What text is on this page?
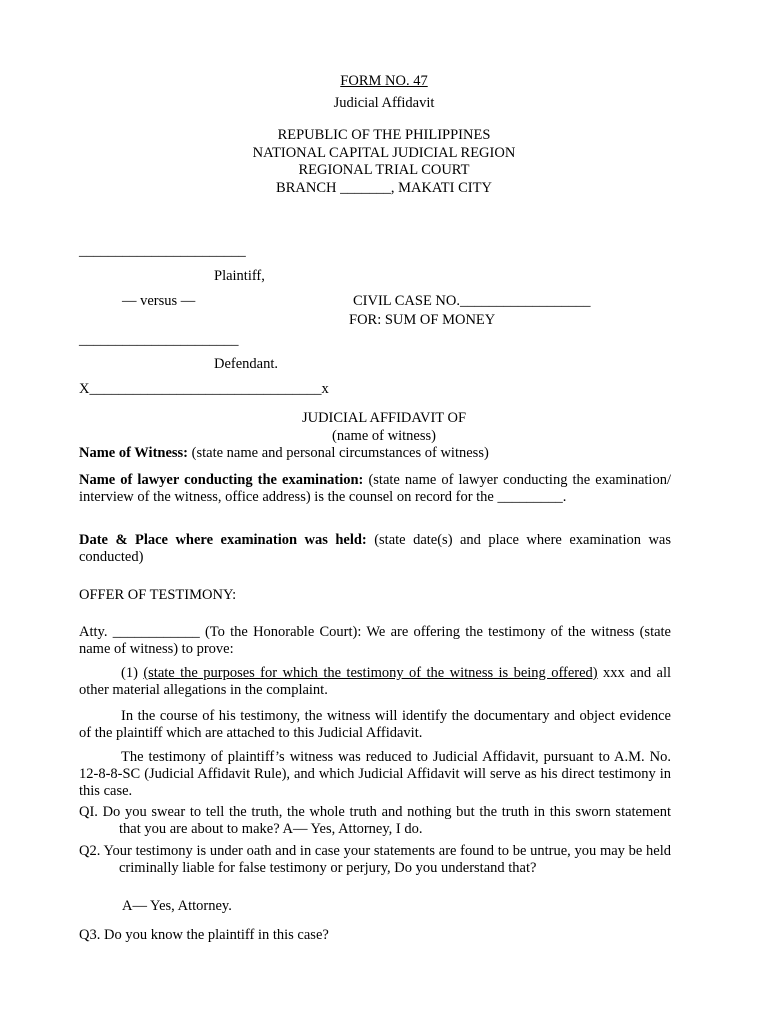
FORM NO. 47
Judicial Affidavit
REPUBLIC OF THE PHILIPPINES
NATIONAL CAPITAL JUDICIAL REGION
REGIONAL TRIAL COURT
BRANCH _______, MAKATI CITY
_______________________
Plaintiff,
— versus —	CIVIL CASE NO.__________________
FOR: SUM OF MONEY
______________________
Defendant.
X________________________________x
JUDICIAL AFFIDAVIT OF
(name of witness)
Name of Witness: (state name and personal circumstances of witness)
Name of lawyer conducting the examination: (state name of lawyer conducting the examination/ interview of the witness, office address) is the counsel on record for the _________.
Date & Place where examination was held: (state date(s) and place where examination was conducted)
OFFER OF TESTIMONY:
Atty. ____________ (To the Honorable Court): We are offering the testimony of the witness (state name of witness) to prove:
(1) (state the purposes for which the testimony of the witness is being offered) xxx and all other material allegations in the complaint.
In the course of his testimony, the witness will identify the documentary and object evidence of the plaintiff which are attached to this Judicial Affidavit.
The testimony of plaintiff’s witness was reduced to Judicial Affidavit, pursuant to A.M. No. 12-8-8-SC (Judicial Affidavit Rule), and which Judicial Affidavit will serve as his direct testimony in this case.
QI. Do you swear to tell the truth, the whole truth and nothing but the truth in this sworn statement that you are about to make? A— Yes, Attorney, I do.
Q2. Your testimony is under oath and in case your statements are found to be untrue, you may be held criminally liable for false testimony or perjury, Do you understand that?
A— Yes, Attorney.
Q3. Do you know the plaintiff in this case?
